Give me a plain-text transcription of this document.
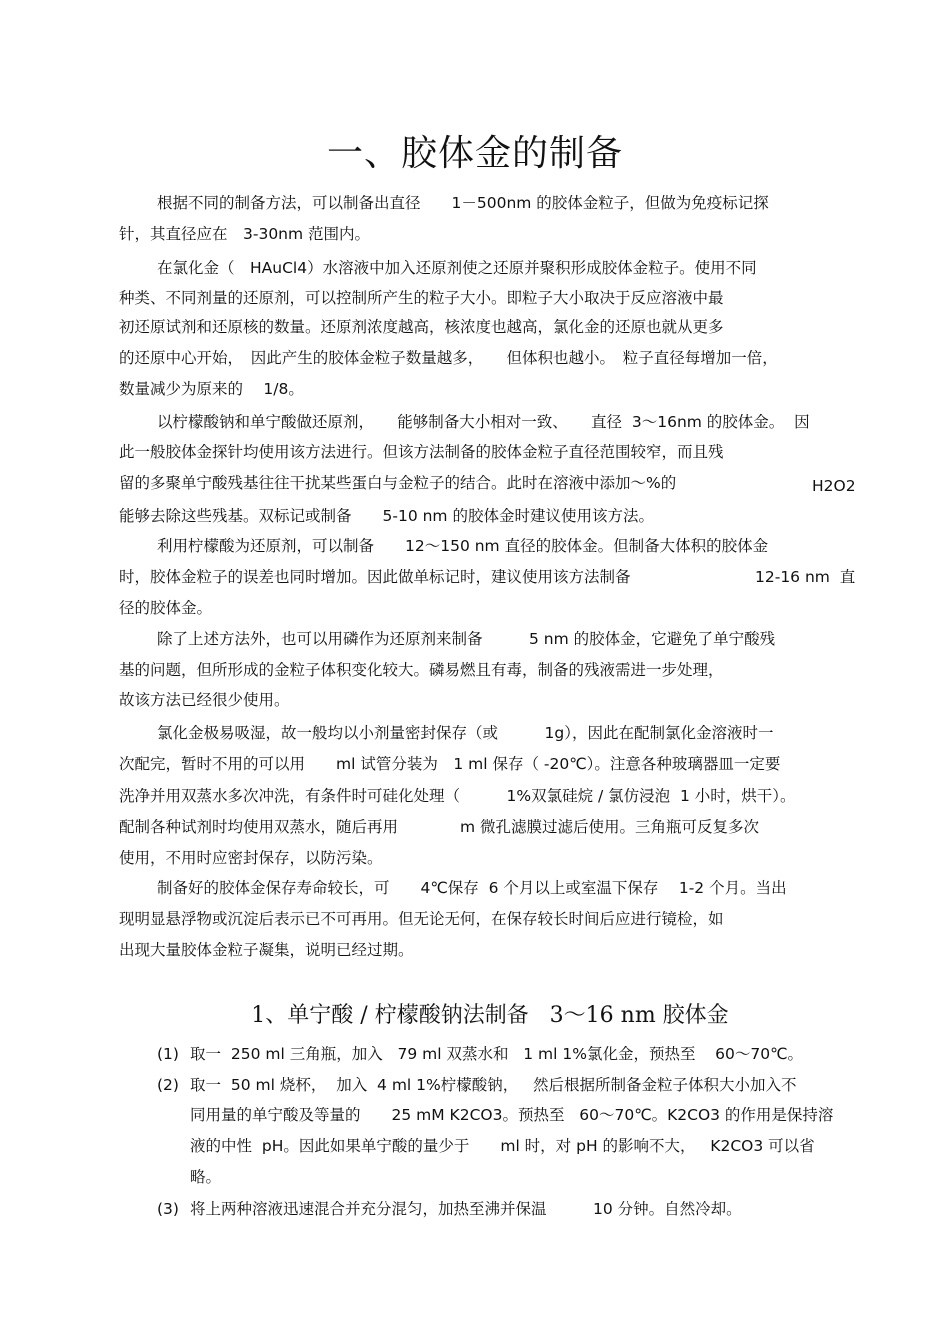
一、胶体金的制备
根据不同的制备方法，可以制备出直径　　1－500nm 的胶体金粒子，但做为免疫标记探
针，其直径应在　3-30nm 范围内。
在氯化金（　HAuCl4）水溶液中加入还原剂使之还原并聚积形成胶体金粒子。使用不同
种类、不同剂量的还原剂，可以控制所产生的粒子大小。即粒子大小取决于反应溶液中最
初还原试剂和还原核的数量。还原剂浓度越高，核浓度也越高，氯化金的还原也就从更多
的还原中心开始，　因此产生的胶体金粒子数量越多，　　但体积也越小。　粒子直径每增加一倍，
数量减少为原来的　 1/8。
以柠檬酸钠和单宁酸做还原剂，　　能够制备大小相对一致、　　直径  3～16nm 的胶体金。  因
此一般胶体金探针均使用该方法进行。但该方法制备的胶体金粒子直径范围较窄，而且残
留的多聚单宁酸残基往往干扰某些蛋白与金粒子的结合。此时在溶液中添加～%的	H2O2
能够去除这些残基。双标记或制备　　5-10 nm 的胶体金时建议使用该方法。
利用柠檬酸为还原剂，可以制备　　12～150 nm 直径的胶体金。但制备大体积的胶体金
时，胶体金粒子的误差也同时增加。因此做单标记时，建议使用该方法制备	12-16 nm  直
径的胶体金。
除了上述方法外，也可以用磷作为还原剂来制备　　　5 nm 的胶体金，它避免了单宁酸残
基的问题，但所形成的金粒子体积变化较大。磷易燃且有毒，制备的残液需进一步处理，
故该方法已经很少使用。
氯化金极易吸湿，故一般均以小剂量密封保存（或　　　1g），因此在配制氯化金溶液时一
次配完，暂时不用的可以用　　ml 试管分装为　1 ml 保存（ -20℃）。注意各种玻璃器皿一定要
洗净并用双蒸水多次冲洗，有条件时可硅化处理（　　　1%双氯硅烷 / 氯仿浸泡  1 小时，烘干）。
配制各种试剂时均使用双蒸水，随后再用　　　　m 微孔滤膜过滤后使用。三角瓶可反复多次
使用，不用时应密封保存，以防污染。
制备好的胶体金保存寿命较长，可　　4℃保存  6 个月以上或室温下保存　 1-2 个月。当出
现明显悬浮物或沉淀后表示已不可再用。但无论无何，在保存较长时间后应进行镜检，如
出现大量胶体金粒子凝集，说明已经过期。
1、单宁酸 / 柠檬酸钠法制备   3～16 nm 胶体金
(1) 取一  250 ml 三角瓶，加入   79 ml 双蒸水和   1 ml 1%氯化金，预热至    60～70℃。
(2) 取一  50 ml 烧杯，  加入  4 ml 1%柠檬酸钠，   然后根据所制备金粒子体积大小加入不
同用量的单宁酸及等量的　　25 mM K2CO3。预热至   60～70℃。K2CO3 的作用是保持溶
液的中性  pH。因此如果单宁酸的量少于　　ml 时，对 pH 的影响不大，   K2CO3 可以省
略。
(3) 将上两种溶液迅速混合并充分混匀，加热至沸并保温　　　10 分钟。自然冷却。
